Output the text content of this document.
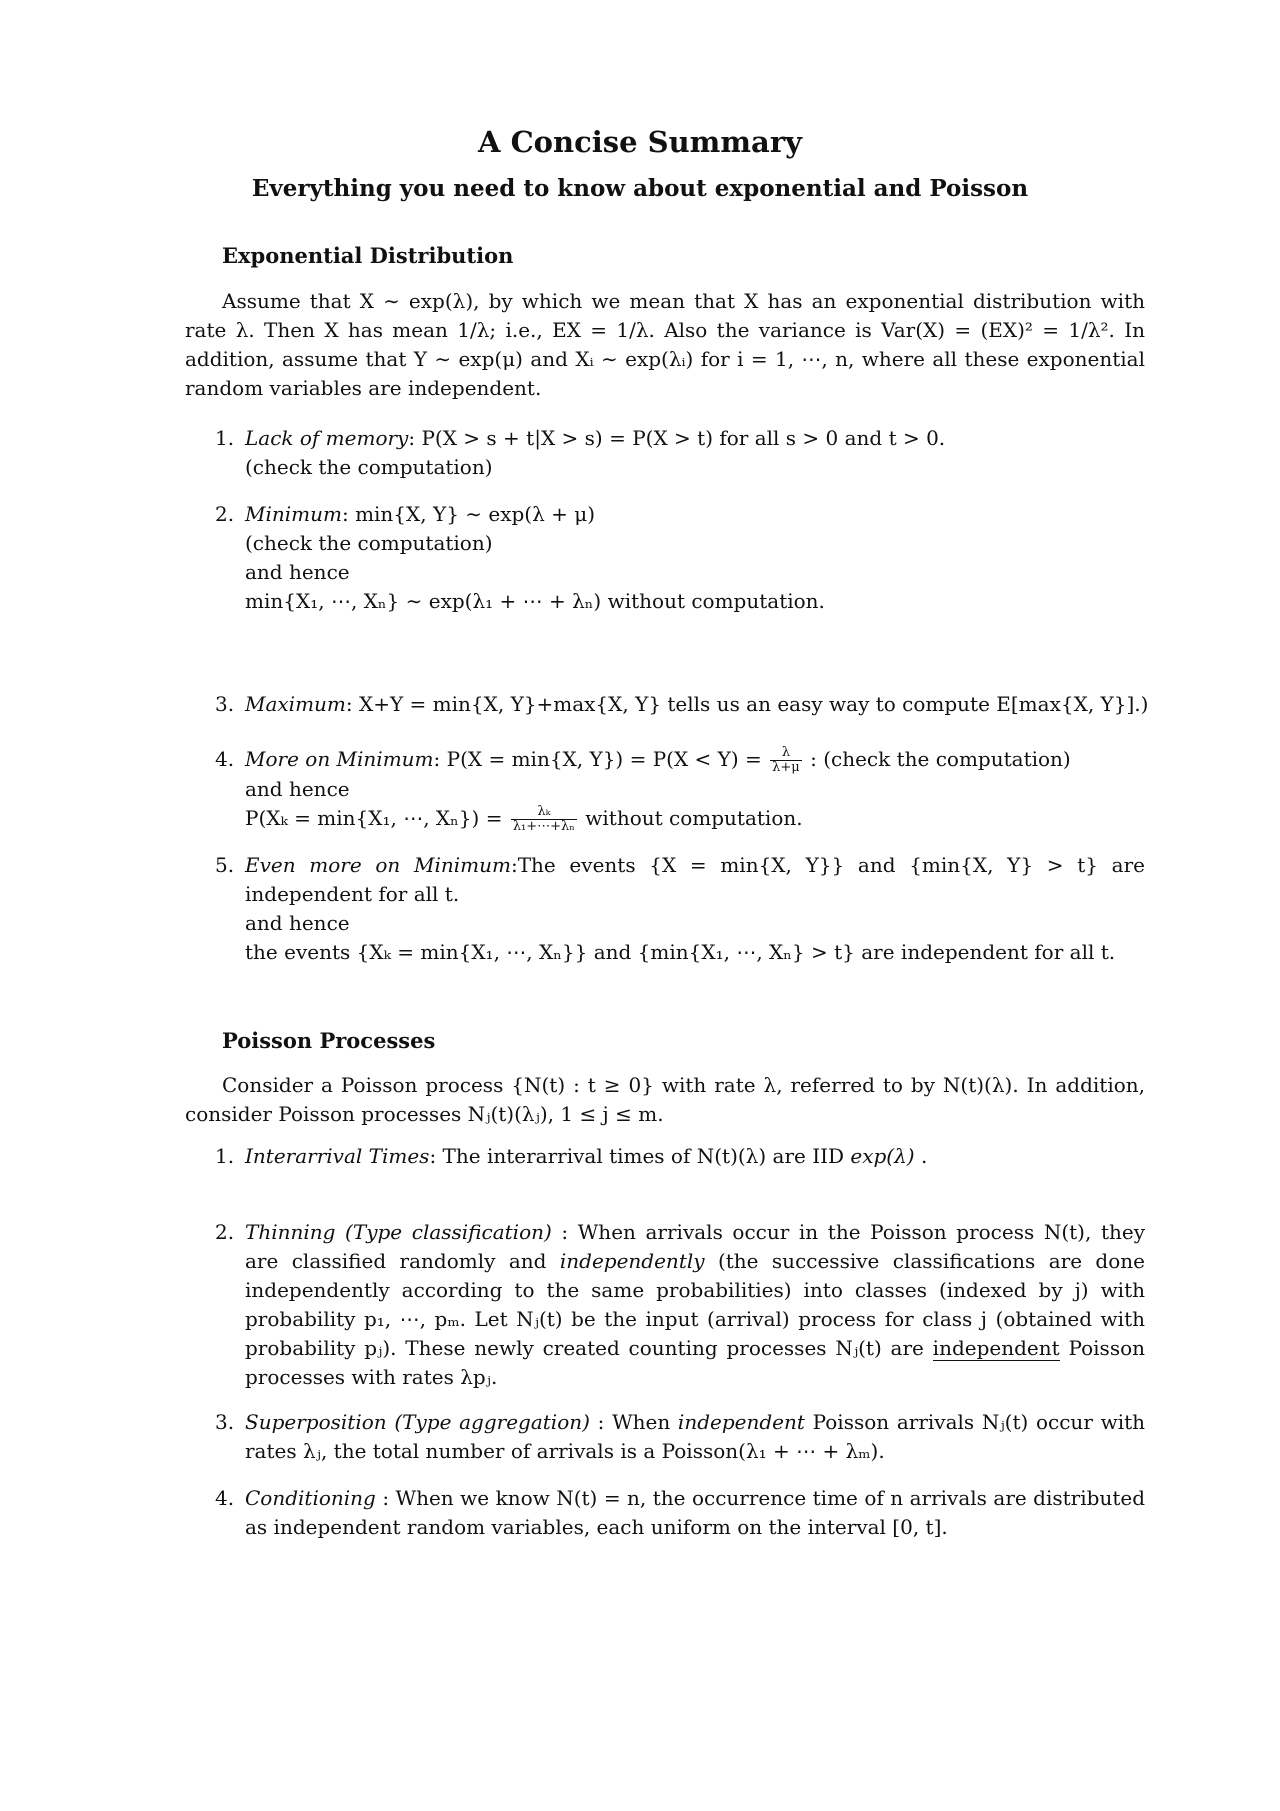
A Concise Summary
Everything you need to know about exponential and Poisson
Exponential Distribution
Assume that X ∼ exp(λ), by which we mean that X has an exponential distribution with rate λ. Then X has mean 1/λ; i.e., EX = 1/λ. Also the variance is Var(X) = (EX)² = 1/λ². In addition, assume that Y ∼ exp(μ) and Xᵢ ∼ exp(λᵢ) for i = 1, ⋯, n, where all these exponential random variables are independent.
1. Lack of memory: P(X > s + t|X > s) = P(X > t) for all s > 0 and t > 0.
(check the computation)
2. Minimum: min{X, Y} ∼ exp(λ + μ)
(check the computation)
and hence
min{X₁, ⋯, Xₙ} ∼ exp(λ₁ + ⋯ + λₙ) without computation.
3. Maximum: X+Y = min{X, Y}+max{X, Y} tells us an easy way to compute E[max{X, Y}].)
4. More on Minimum: P(X = min{X, $Y\}) = P(X < Y) = \frac{\lambda}{\lambda+\mu}$ : (check the computation)
and hence
P(Xₖ = min{X₁, ⋯, $X_n\}) = \frac{\text{λₖ}}{\text{λ₁+⋯+λₙ}}$ without computation.
5. Even more on Minimum:The events {X = min{X, Y}} and {min{X, Y} > t} are independent for all t.
and hence
the events {Xₖ = min{X₁, ⋯, Xₙ}} and {min{X₁, ⋯, Xₙ} > t} are independent for all t.
Poisson Processes
Consider a Poisson process {N(t) : t ≥ 0} with rate λ, referred to by N(t)(λ). In addition, consider Poisson processes Nⱼ(t)(λⱼ), 1 ≤ j ≤ m.
1. Interarrival Times: The interarrival times of N(t)(λ) are IID exp(λ) .
2. Thinning (Type classification) : When arrivals occur in the Poisson process N(t), they are classified randomly and independently (the successive classifications are done independently according to the same probabilities) into classes (indexed by j) with probability p₁, ⋯, pₘ. Let Nⱼ(t) be the input (arrival) process for class j (obtained with probability pⱼ). These newly created counting processes Nⱼ(t) are independent Poisson processes with rates λpⱼ.
3. Superposition (Type aggregation) : When independent Poisson arrivals Nⱼ(t) occur with rates λⱼ, the total number of arrivals is a Poisson(λ₁ + ⋯ + λₘ).
4. Conditioning : When we know N(t) = n, the occurrence time of n arrivals are distributed as independent random variables, each uniform on the interval [0, t].
